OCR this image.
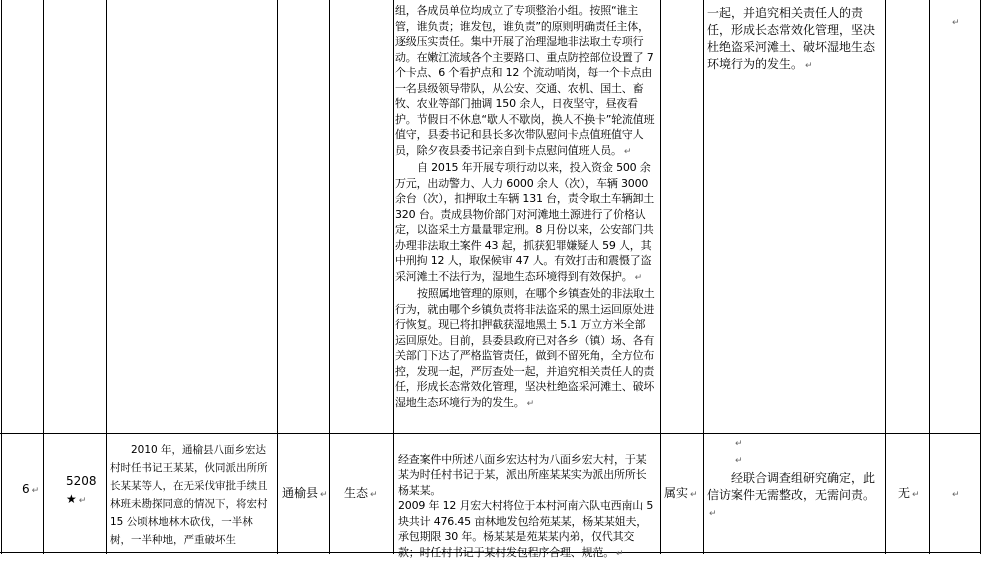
组，各成员单位均成立了专项整治小组。按照“谁主管，谁负责；谁发包，谁负责”的原则明确责任主体，逐级压实责任。集中开展了治理湿地非法取土专项行动。在嫩江流域各个主要路口、重点防控部位设置了 7 个卡点、6 个看护点和 12 个流动哨岗，每一个卡点由一名县级领导带队，从公安、交通、农机、国土、畜牧、农业等部门抽调 150 余人，日夜坚守，昼夜看护。节假日不休息“歇人不歇岗，换人不换卡”轮流值班值守，县委书记和县长多次带队慰问卡点值班值守人员，除夕夜县委书记亲自到卡点慰问值班人员。 ↵
自 2015 年开展专项行动以来，投入资金 500 余万元，出动警力、人力 6000 余人（次），车辆 3000 余台（次），扣押取土车辆 131 台，责令取土车辆卸土 320 台。责成县物价部门对河滩地土源进行了价格认定，以盗采土方量量罪定刑。8 月份以来，公安部门共办理非法取土案件 43 起，抓获犯罪嫌疑人 59 人，其中刑拘 12 人，取保候审 47 人。有效打击和震慑了盗采河滩土不法行为，湿地生态环境得到有效保护。 ↵
按照属地管理的原则，在哪个乡镇查处的非法取土行为，就由哪个乡镇负责将非法盗采的黑土运回原处进行恢复。现已将扣押截获湿地黑土 5.1 万立方米全部运回原处。目前，县委县政府已对各乡（镇）场、各有关部门下达了严格监管责任，做到不留死角，全方位布控，发现一起，严厉查处一起，并追究相关责任人的责任，形成长态常效化管理，坚决杜绝盗采河滩土、破坏湿地生态环境行为的发生。 ↵
一起，并追究相关责任人的责任，形成长态常效化管理，坚决杜绝盗采河滩土、破坏湿地生态环境行为的发生。 ↵
6 ↵
5208
★ ↵
2010 年，通榆县八面乡宏达村时任书记王某某，伙同派出所所长某某等人，在无采伐审批手续且林班未勘探同意的情况下，将宏村 15 公顷林地林木砍伐，一半林树，一半种地，严重破坏生
通榆县 ↵ 生态 ↵

经查案件中所述八面乡宏达村为八面乡宏大村，于某某为时任村书记于某，派出所座某某实为派出所所长杨某某。
2009 年 12 月宏大村将位于本村河南六队屯西南山 5 块共计 476.45 亩林地发包给苑某某，杨某某姐夫，承包期限 30 年。杨某某是苑某某内弟，仅代其交款；时任村书记于某村发包程序合理、规范。 ↵

属实 ↵
↵
↵
经联合调查组研究确定，此信访案件无需整改，无需问责。↵
无 ↵	↵
↵
